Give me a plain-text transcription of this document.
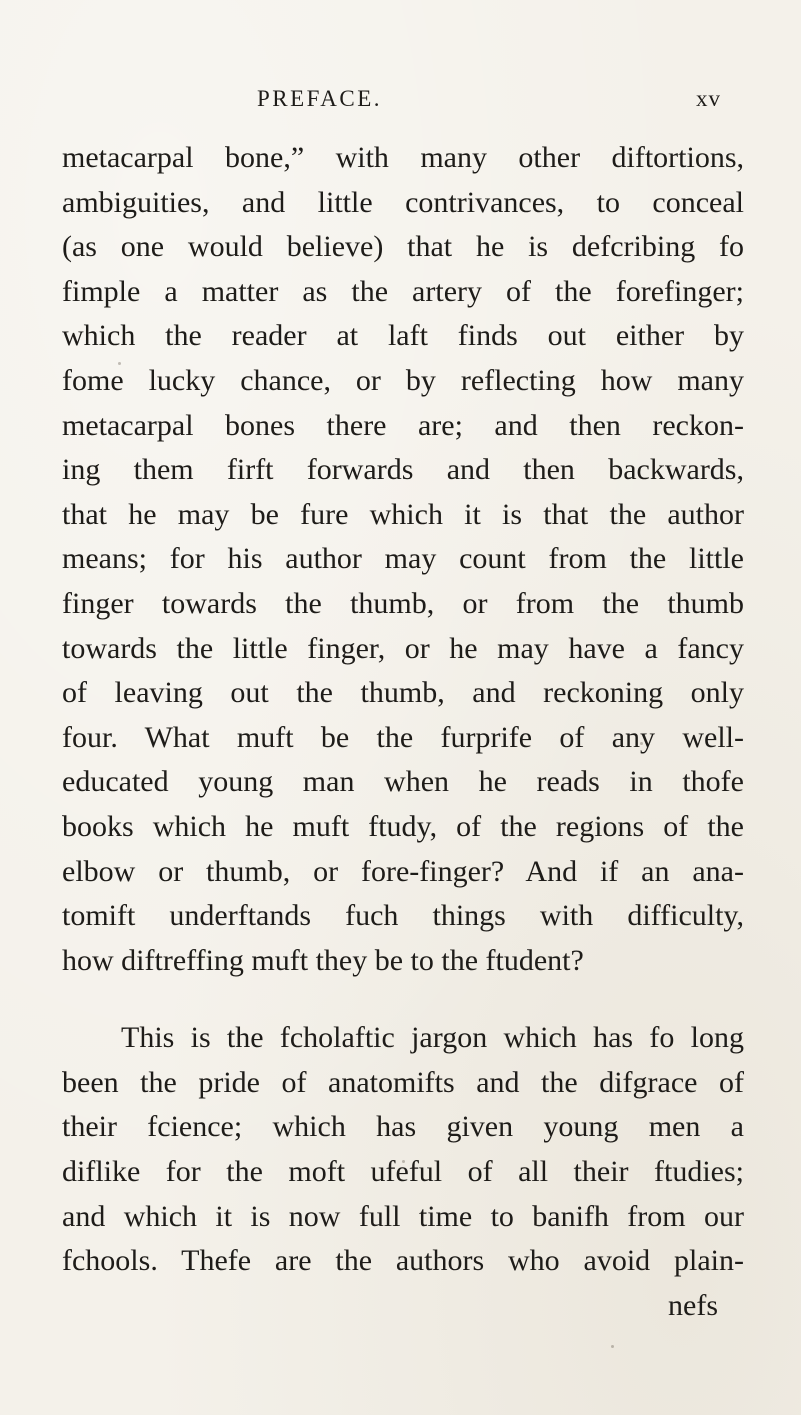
PREFACE.	xv
metacarpal bone,” with many other diftortions,
ambiguities, and little contrivances, to conceal
(as one would believe) that he is defcribing fo
fimple a matter as the artery of the forefinger;
which the reader at laft finds out either by
fome lucky chance, or by reflecting how many
metacarpal bones there are; and then reckon-
ing them firft forwards and then backwards,
that he may be fure which it is that the author
means; for his author may count from the little
finger towards the thumb, or from the thumb
towards the little finger, or he may have a fancy
of leaving out the thumb, and reckoning only
four. What muft be the furprife of any well-
educated young man when he reads in thofe
books which he muft ftudy, of the regions of the
elbow or thumb, or fore-finger? And if an ana-
tomift underftands fuch things with difficulty,
how diftreffing muft they be to the ftudent?
This is the fcholaftic jargon which has fo long
been the pride of anatomifts and the difgrace of
their fcience; which has given young men a
diflike for the moft ufeful of all their ftudies;
and which it is now full time to banifh from our
fchools. Thefe are the authors who avoid plain-
nefs
